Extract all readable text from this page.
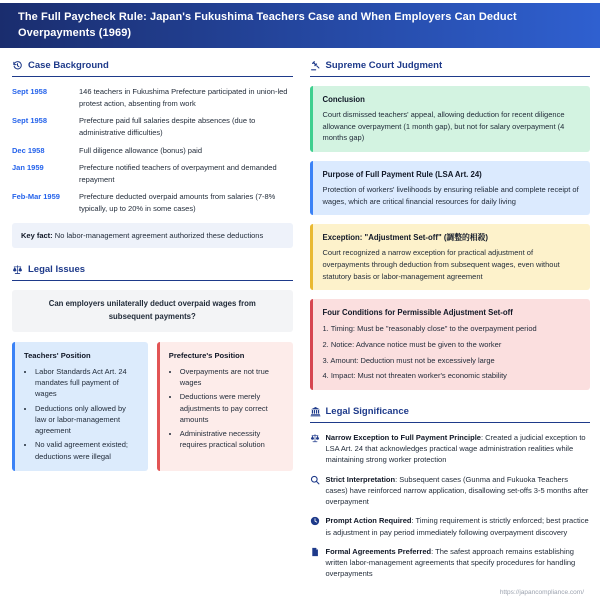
The Full Paycheck Rule: Japan's Fukushima Teachers Case and When Employers Can Deduct Overpayments (1969)
Case Background
Sept 1958	146 teachers in Fukushima Prefecture participated in union-led protest action, absenting from work
Sept 1958	Prefecture paid full salaries despite absences (due to administrative difficulties)
Dec 1958	Full diligence allowance (bonus) paid
Jan 1959	Prefecture notified teachers of overpayment and demanded repayment
Feb-Mar 1959	Prefecture deducted overpaid amounts from salaries (7-8% typically, up to 20% in some cases)
Key fact: No labor-management agreement authorized these deductions
Legal Issues
Can employers unilaterally deduct overpaid wages from subsequent payments?
Teachers' Position
• Labor Standards Act Art. 24 mandates full payment of wages
• Deductions only allowed by law or labor-management agreement
• No valid agreement existed; deductions were illegal
Prefecture's Position
• Overpayments are not true wages
• Deductions were merely adjustments to pay correct amounts
• Administrative necessity requires practical solution
Supreme Court Judgment
Conclusion
Court dismissed teachers' appeal, allowing deduction for recent diligence allowance overpayment (1 month gap), but not for salary overpayment (4 months gap)
Purpose of Full Payment Rule (LSA Art. 24)
Protection of workers' livelihoods by ensuring reliable and complete receipt of wages, which are critical financial resources for daily living
Exception: "Adjustment Set-off" (調整的相殺)
Court recognized a narrow exception for practical adjustment of overpayments through deduction from subsequent wages, even without statutory basis or labor-management agreement
Four Conditions for Permissible Adjustment Set-off
1. Timing: Must be "reasonably close" to the overpayment period
2. Notice: Advance notice must be given to the worker
3. Amount: Deduction must not be excessively large
4. Impact: Must not threaten worker's economic stability
Legal Significance
Narrow Exception to Full Payment Principle: Created a judicial exception to LSA Art. 24 that acknowledges practical wage administration realities while maintaining strong worker protection
Strict Interpretation: Subsequent cases (Gunma and Fukuoka Teachers cases) have reinforced narrow application, disallowing set-offs 3-5 months after overpayment
Prompt Action Required: Timing requirement is strictly enforced; best practice is adjustment in pay period immediately following overpayment discovery
Formal Agreements Preferred: The safest approach remains establishing written labor-management agreements that specify procedures for handling overpayments
https://japancompliance.com/
